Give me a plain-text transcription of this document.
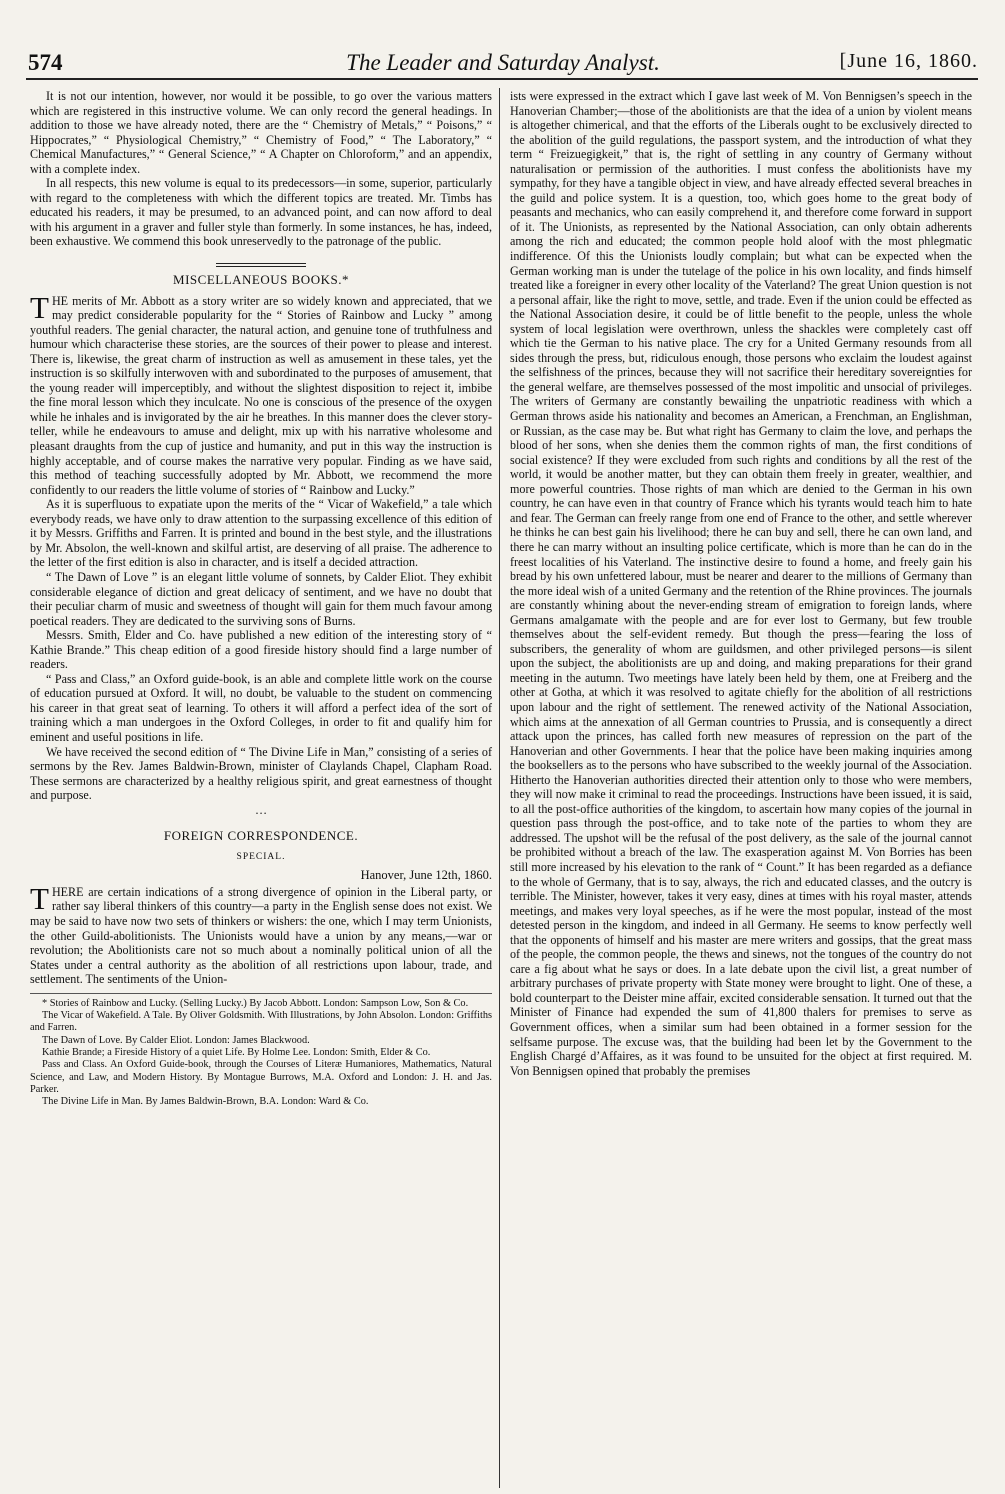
574	The Leader and Saturday Analyst.	[June 16, 1860.

It is not our intention, however, nor would it be possible, to go over the various matters which are registered in this instructive volume. We can only record the general headings. In addition to those we have already noted, there are the “ Chemistry of Metals,” “ Poisons,” “ Hippocrates,” “ Physiological Chemistry,” “ Chemistry of Food,” “ The Laboratory,” “ Chemical Manufactures,” “ General Science,” “ A Chapter on Chloroform,” and an appendix, with a complete index.

In all respects, this new volume is equal to its predecessors—in some, superior, particularly with regard to the completeness with which the different topics are treated. Mr. Timbs has educated his readers, it may be presumed, to an advanced point, and can now afford to deal with his argument in a graver and fuller style than formerly. In some instances, he has, indeed, been exhaustive. We commend this book unreservedly to the patronage of the public.

MISCELLANEOUS BOOKS.*

THE merits of Mr. Abbott as a story writer are so widely known and appreciated, that we may predict considerable popularity for the “ Stories of Rainbow and Lucky ” among youthful readers. The genial character, the natural action, and genuine tone of truthfulness and humour which characterise these stories, are the sources of their power to please and interest. There is, likewise, the great charm of instruction as well as amusement in these tales, yet the instruction is so skilfully interwoven with and subordinated to the purposes of amusement, that the young reader will imperceptibly, and without the slightest disposition to reject it, imbibe the fine moral lesson which they inculcate. No one is conscious of the presence of the oxygen while he inhales and is invigorated by the air he breathes. In this manner does the clever story-teller, while he endeavours to amuse and delight, mix up with his narrative wholesome and pleasant draughts from the cup of justice and humanity, and put in this way the instruction is highly acceptable, and of course makes the narrative very popular. Finding as we have said, this method of teaching successfully adopted by Mr. Abbott, we recommend the more confidently to our readers the little volume of stories of “ Rainbow and Lucky.”

As it is superfluous to expatiate upon the merits of the “ Vicar of Wakefield,” a tale which everybody reads, we have only to draw attention to the surpassing excellence of this edition of it by Messrs. Griffiths and Farren. It is printed and bound in the best style, and the illustrations by Mr. Absolon, the well-known and skilful artist, are deserving of all praise. The adherence to the letter of the first edition is also in character, and is itself a decided attraction.

“ The Dawn of Love ” is an elegant little volume of sonnets, by Calder Eliot. They exhibit considerable elegance of diction and great delicacy of sentiment, and we have no doubt that their peculiar charm of music and sweetness of thought will gain for them much favour among poetical readers. They are dedicated to the surviving sons of Burns.

Messrs. Smith, Elder and Co. have published a new edition of the interesting story of “ Kathie Brande.” This cheap edition of a good fireside history should find a large number of readers.

“ Pass and Class,” an Oxford guide-book, is an able and complete little work on the course of education pursued at Oxford. It will, no doubt, be valuable to the student on commencing his career in that great seat of learning. To others it will afford a perfect idea of the sort of training which a man undergoes in the Oxford Colleges, in order to fit and qualify him for eminent and useful positions in life.

We have received the second edition of “ The Divine Life in Man,” consisting of a series of sermons by the Rev. James Baldwin-Brown, minister of Claylands Chapel, Clapham Road. These sermons are characterized by a healthy religious spirit, and great earnestness of thought and purpose.

…
FOREIGN CORRESPONDENCE.
SPECIAL.
Hanover, June 12th, 1860.

THERE are certain indications of a strong divergence of opinion in the Liberal party, or rather say liberal thinkers of this country—a party in the English sense does not exist. We may be said to have now two sets of thinkers or wishers: the one, which I may term Unionists, the other Guild-abolitionists. The Unionists would have a union by any means,—war or revolution; the Abolitionists care not so much about a nominally political union of all the States under a central authority as the abolition of all restrictions upon labour, trade, and settlement. The sentiments of the Union-

* Stories of Rainbow and Lucky. (Selling Lucky.) By Jacob Abbott. London: Sampson Low, Son & Co.

The Vicar of Wakefield. A Tale. By Oliver Goldsmith. With Illustrations, by John Absolon. London: Griffiths and Farren.

The Dawn of Love. By Calder Eliot. London: James Blackwood.

Kathie Brande; a Fireside History of a quiet Life. By Holme Lee. London: Smith, Elder & Co.

Pass and Class. An Oxford Guide-book, through the Courses of Literæ Humaniores, Mathematics, Natural Science, and Law, and Modern History. By Montague Burrows, M.A. Oxford and London: J. H. and Jas. Parker.

The Divine Life in Man. By James Baldwin-Brown, B.A. London: Ward & Co.

ists were expressed in the extract which I gave last week of M. Von Bennigsen’s speech in the Hanoverian Chamber;—those of the abolitionists are that the idea of a union by violent means is altogether chimerical, and that the efforts of the Liberals ought to be exclusively directed to the abolition of the guild regulations, the passport system, and the introduction of what they term “ Freizuegigkeit,” that is, the right of settling in any country of Germany without naturalisation or permission of the authorities. I must confess the abolitionists have my sympathy, for they have a tangible object in view, and have already effected several breaches in the guild and police system. It is a question, too, which goes home to the great body of peasants and mechanics, who can easily comprehend it, and therefore come forward in support of it. The Unionists, as represented by the National Association, can only obtain adherents among the rich and educated; the common people hold aloof with the most phlegmatic indifference. Of this the Unionists loudly complain; but what can be expected when the German working man is under the tutelage of the police in his own locality, and finds himself treated like a foreigner in every other locality of the Vaterland? The great Union question is not a personal affair, like the right to move, settle, and trade. Even if the union could be effected as the National Association desire, it could be of little benefit to the people, unless the whole system of local legislation were overthrown, unless the shackles were completely cast off which tie the German to his native place. The cry for a United Germany resounds from all sides through the press, but, ridiculous enough, those persons who exclaim the loudest against the selfishness of the princes, because they will not sacrifice their hereditary sovereignties for the general welfare, are themselves possessed of the most impolitic and unsocial of privileges. The writers of Germany are constantly bewailing the unpatriotic readiness with which a German throws aside his nationality and becomes an American, a Frenchman, an Englishman, or Russian, as the case may be. But what right has Germany to claim the love, and perhaps the blood of her sons, when she denies them the common rights of man, the first conditions of social existence? If they were excluded from such rights and conditions by all the rest of the world, it would be another matter, but they can obtain them freely in greater, wealthier, and more powerful countries. Those rights of man which are denied to the German in his own country, he can have even in that country of France which his tyrants would teach him to hate and fear. The German can freely range from one end of France to the other, and settle wherever he thinks he can best gain his livelihood; there he can buy and sell, there he can own land, and there he can marry without an insulting police certificate, which is more than he can do in the freest localities of his Vaterland. The instinctive desire to found a home, and freely gain his bread by his own unfettered labour, must be nearer and dearer to the millions of Germany than the more ideal wish of a united Germany and the retention of the Rhine provinces. The journals are constantly whining about the never-ending stream of emigration to foreign lands, where Germans amalgamate with the people and are for ever lost to Germany, but few trouble themselves about the self-evident remedy. But though the press—fearing the loss of subscribers, the generality of whom are guildsmen, and other privileged persons—is silent upon the subject, the abolitionists are up and doing, and making preparations for their grand meeting in the autumn. Two meetings have lately been held by them, one at Freiberg and the other at Gotha, at which it was resolved to agitate chiefly for the abolition of all restrictions upon labour and the right of settlement. The renewed activity of the National Association, which aims at the annexation of all German countries to Prussia, and is consequently a direct attack upon the princes, has called forth new measures of repression on the part of the Hanoverian and other Governments. I hear that the police have been making inquiries among the booksellers as to the persons who have subscribed to the weekly journal of the Association. Hitherto the Hanoverian authorities directed their attention only to those who were members, they will now make it criminal to read the proceedings. Instructions have been issued, it is said, to all the post-office authorities of the kingdom, to ascertain how many copies of the journal in question pass through the post-office, and to take note of the parties to whom they are addressed. The upshot will be the refusal of the post delivery, as the sale of the journal cannot be prohibited without a breach of the law. The exasperation against M. Von Borries has been still more increased by his elevation to the rank of “ Count.” It has been regarded as a defiance to the whole of Germany, that is to say, always, the rich and educated classes, and the outcry is terrible. The Minister, however, takes it very easy, dines at times with his royal master, attends meetings, and makes very loyal speeches, as if he were the most popular, instead of the most detested person in the kingdom, and indeed in all Germany. He seems to know perfectly well that the opponents of himself and his master are mere writers and gossips, that the great mass of the people, the common people, the thews and sinews, not the tongues of the country do not care a fig about what he says or does. In a late debate upon the civil list, a great number of arbitrary purchases of private property with State money were brought to light. One of these, a bold counterpart to the Deister mine affair, excited considerable sensation. It turned out that the Minister of Finance had expended the sum of 41,800 thalers for premises to serve as Government offices, when a similar sum had been obtained in a former session for the selfsame purpose. The excuse was, that the building had been let by the Government to the English Chargé d’Affaires, as it was found to be unsuited for the object at first required. M. Von Bennigsen opined that probably the premises
